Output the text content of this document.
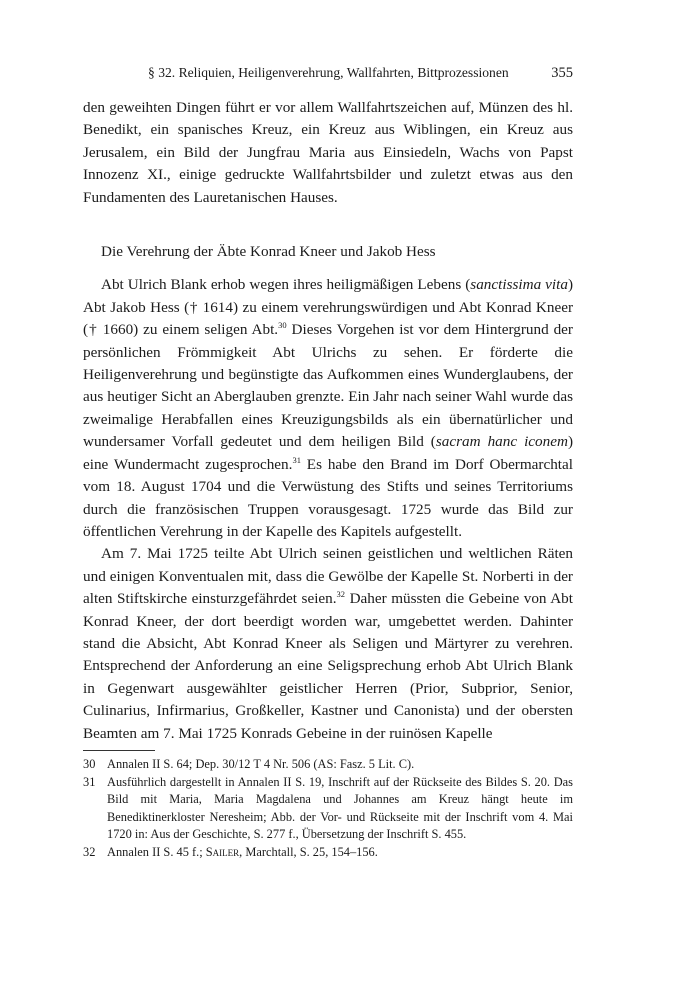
§ 32. Reliquien, Heiligenverehrung, Wallfahrten, Bittprozessionen	355

den geweihten Dingen führt er vor allem Wallfahrtszeichen auf, Münzen des hl. Benedikt, ein spanisches Kreuz, ein Kreuz aus Wiblingen, ein Kreuz aus Jerusalem, ein Bild der Jungfrau Maria aus Einsiedeln, Wachs von Papst Innozenz XI., einige gedruckte Wallfahrtsbilder und zuletzt etwas aus den Fundamenten des Lauretanischen Hauses.

Die Verehrung der Äbte Konrad Kneer und Jakob Hess

Abt Ulrich Blank erhob wegen ihres heiligmäßigen Lebens (sanctissima vita) Abt Jakob Hess († 1614) zu einem verehrungswürdigen und Abt Konrad Kneer († 1660) zu einem seligen Abt.$^{30}$ Dieses Vorgehen ist vor dem Hintergrund der persönlichen Frömmigkeit Abt Ulrichs zu sehen. Er förderte die Heiligenverehrung und begünstigte das Aufkommen eines Wunderglaubens, der aus heutiger Sicht an Aberglauben grenzte. Ein Jahr nach seiner Wahl wurde das zweimalige Herabfallen eines Kreuzigungsbilds als ein übernatürlicher und wundersamer Vorfall gedeutet und dem heiligen Bild (sacram hanc iconem) eine Wundermacht zugesprochen.$^{31}$ Es habe den Brand im Dorf Obermarchtal vom 18. August 1704 und die Verwüstung des Stifts und seines Territoriums durch die französischen Truppen vorausgesagt. 1725 wurde das Bild zur öffentlichen Verehrung in der Kapelle des Kapitels aufgestellt.

Am 7. Mai 1725 teilte Abt Ulrich seinen geistlichen und weltlichen Räten und einigen Konventualen mit, dass die Gewölbe der Kapelle St. Norberti in der alten Stiftskirche einsturzgefährdet seien.$^{32}$ Daher müssten die Gebeine von Abt Konrad Kneer, der dort beerdigt worden war, umgebettet werden. Dahinter stand die Absicht, Abt Konrad Kneer als Seligen und Märtyrer zu verehren. Entsprechend der Anforderung an eine Seligsprechung erhob Abt Ulrich Blank in Gegenwart ausgewählter geistlicher Herren (Prior, Subprior, Senior, Culinarius, Infirmarius, Großkeller, Kastner und Canonista) und der obersten Beamten am 7. Mai 1725 Konrads Gebeine in der ruinösen Kapelle

30 Annalen II S. 64; Dep. 30/12 T 4 Nr. 506 (AS: Fasz. 5 Lit. C).
31 Ausführlich dargestellt in Annalen II S. 19, Inschrift auf der Rückseite des Bildes S. 20. Das Bild mit Maria, Maria Magdalena und Johannes am Kreuz hängt heute im Benediktinerkloster Neresheim; Abb. der Vor- und Rückseite mit der Inschrift vom 4. Mai 1720 in: Aus der Geschichte, S. 277 f., Übersetzung der Inschrift S. 455.
32 Annalen II S. 45 f.; Sailer, Marchtall, S. 25, 154–156.
